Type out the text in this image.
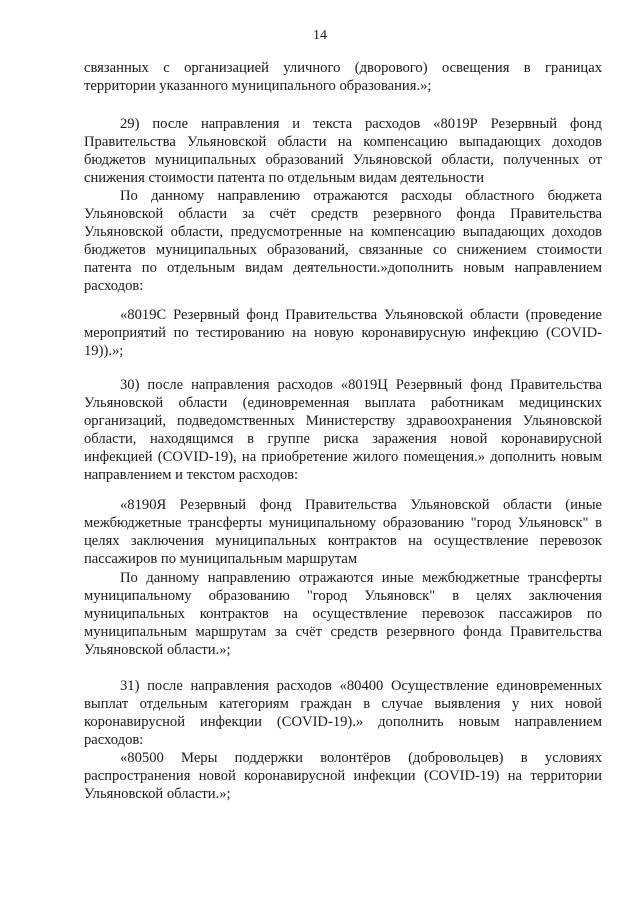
14
связанных с организацией уличного (дворового) освещения в границах территории указанного муниципального образования.»;
29) после направления и текста расходов «8019Р Резервный фонд Правительства Ульяновской области на компенсацию выпадающих доходов бюджетов муниципальных образований Ульяновской области, полученных от снижения стоимости патента по отдельным видам деятельности
По данному направлению отражаются расходы областного бюджета Ульяновской области за счёт средств резервного фонда Правительства Ульяновской области, предусмотренные на компенсацию выпадающих доходов бюджетов муниципальных образований, связанные со снижением стоимости патента по отдельным видам деятельности.»дополнить новым направлением расходов:
«8019С Резервный фонд Правительства Ульяновской области (проведение мероприятий по тестированию на новую коронавирусную инфекцию (COVID-19)).»;
30) после направления расходов «8019Ц Резервный фонд Правительства Ульяновской области (единовременная выплата работникам медицинских организаций, подведомственных Министерству здравоохранения Ульяновской области, находящимся в группе риска заражения новой коронавирусной инфекцией (COVID-19), на приобретение жилого помещения.» дополнить новым направлением и текстом расходов:
«8190Я Резервный фонд Правительства Ульяновской области (иные межбюджетные трансферты муниципальному образованию "город Ульяновск" в целях заключения муниципальных контрактов на осуществление перевозок пассажиров по муниципальным маршрутам
По данному направлению отражаются иные межбюджетные трансферты муниципальному образованию "город Ульяновск" в целях заключения муниципальных контрактов на осуществление перевозок пассажиров по муниципальным маршрутам за счёт средств резервного фонда Правительства Ульяновской области.»;
31) после направления расходов «80400 Осуществление единовременных выплат отдельным категориям граждан в случае выявления у них новой коронавирусной инфекции (COVID-19).» дополнить новым направлением расходов:
«80500 Меры поддержки волонтёров (добровольцев) в условиях распространения новой коронавирусной инфекции (COVID-19) на территории Ульяновской области.»;
